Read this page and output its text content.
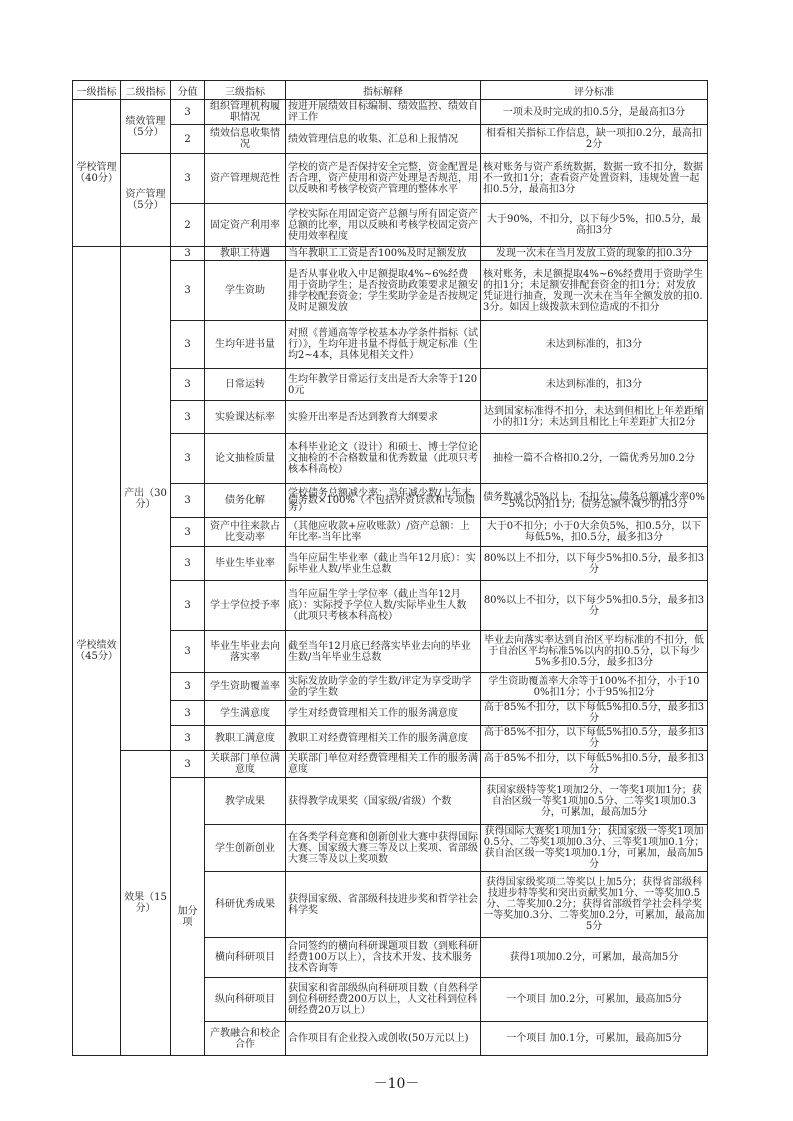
一级指标	二级指标	分值	三级指标	指标解释	评分标准
学校管理（40分）	绩效管理（5分）	3	组织管理机构履职情况	按进开展绩效目标编制、绩效监控、绩效自评工作	一项未及时完成的扣0.5分，是最高扣3分
		2	绩效信息收集情况	绩效管理信息的收集、汇总和上报情况	相看相关指标工作信息，缺一项扣0.2分，最高扣2分
	资产管理（5分）	3	资产管理规范性	学校的资产是否保持安全完整，资金配置是否合理，资产使用和资产处理是否规范，用以反映和考核学校资产管理的整体水平	核对账务与资产系统数据，数据一致不扣分，数据不一致扣1分；查看资产处置资料，违规处置一起扣0.5分，最高扣3分
		2	固定资产利用率	学校实际在用固定资产总额与所有固定资产总额的比率，用以反映和考核学校固定资产使用效率程度	大于90%，不扣分，以下每少5%，扣0.5分，最高扣3分
学校绩效（45分）	产出（30分）	3	教职工待遇	当年教职工工资是否100%及时足额发放	发现一次未在当月发放工资的现象的扣0.3分
		3	学生资助	是否从事业收入中足额提取4%~6%经费用于资助学生；是否按资助政策要求足额安排学校配套资金；学生奖助学金是否按规定及时足额发放	核对账务，未足额提取4%~6%经费用于资助学生的扣1分；未足额安排配套资金的扣1分；对发放凭证进行抽查，发现一次未在当年全额发放的扣0.3分。如因上级拨款未到位造成的不扣分
		3	生均年进书量	对照《普通高等学校基本办学条件指标（试行）》，生均年进书量不得低于规定标准（生均2~4本，具体见相关文件）	未达到标准的，扣3分
		3	日常运转	生均年教学日常运行支出是否大余等于1200元	未达到标准的，扣3分
		3	实验课达标率	实验开出率是否达到教育大纲要求	达到国家标准得不扣分，未达到但相比上年差距缩小的扣1分；未达到且相比上年差距扩大扣2分
		3	论文抽检质量	本科毕业论文（设计）和硕士、博士学位论文抽检的不合格数量和优秀数量（此项只考核本科高校）	抽检一篇不合格扣0.2分，一篇优秀另加0.2分
		3	债务化解	学校债务总额减少率：当年减少数/上年末债务数×100%（不包括外资贷款和专项债务）	债务数减少5%以上，不扣分；债务总额减少率0%~5%以内扣1分；债务总额不减少的扣3分
		3	资产中往来款占比变动率	（其他应收款+应收账款）/资产总额：上年比率-当年比率	大于0不扣分；小于0大余负5%，扣0.5分，以下每低5%，扣0.5分，最多扣3分
		3	毕业生毕业率	当年应届生毕业率（截止当年12月底）：实际毕业人数/毕业生总数	80%以上不扣分，以下每少5%扣0.5分，最多扣3分
		3	学士学位授予率	当年应届生学士学位率（截止当年12月底）：实际授予学位人数/实际毕业生人数（此项只考核本科高校）	80%以上不扣分，以下每少5%扣0.5分，最多扣3分
		3	毕业生毕业去向落实率	截至当年12月底已经落实毕业去向的毕业生数/当年毕业生总数	毕业去向落实率达到自治区平均标准的不扣分，低于自治区平均标准5%以内的扣0.5分，以下每少5%多扣0.5分，最多扣3分
		3	学生资助覆盖率	实际发放助学金的学生数/评定为享受助学金的学生数	学生资助覆盖率大余等于100%不扣分，小于100%扣1分；小于95%扣2分
		3	学生满意度	学生对经费管理相关工作的服务满意度	高于85%不扣分，以下每低5%扣0.5分，最多扣3分
		3	教职工满意度	教职工对经费管理相关工作的服务满意度	高于85%不扣分，以下每低5%扣0.5分，最多扣3分
	效果（15分）	3	关联部门单位满意度	关联部门单位对经费管理相关工作的服务满意度	高于85%不扣分，以下每低5%扣0.5分，最多扣3分
		加分项	教学成果	获得教学成果奖（国家级/省级）个数	获国家级特等奖1项加2分、一等奖1项加1分；获自治区级一等奖1项加0.5分、二等奖1项加0.3分，可累加，最高加5分
			学生创新创业	在各类学科竞赛和创新创业大赛中获得国际大赛、国家级大赛三等及以上奖项、省部级大赛三等及以上奖项数	获得国际大赛奖1项加1分；获国家级一等奖1项加0.5分、二等奖1项加0.3分、三等奖1项加0.1分；获自治区级一等奖1项加0.1分，可累加，最高加5分
			科研优秀成果	获得国家级、省部级科技进步奖和哲学社会科学奖	获得国家级奖项二等奖以上加5分；获得省部级科技进步特等奖和突出贡献奖加1分、一等奖加0.5分、二等奖加0.2分；获得省部级哲学社会科学奖一等奖加0.3分、二等奖加0.2分，可累加，最高加5分
			横向科研项目	合同签约的横向科研课题项目数（到账科研经费100万以上），含技术开发、技术服务技术咨询等	获得1项加0.2分，可累加，最高加5分
			纵向科研项目	获国家和省部级纵向科研项目数（自然科学到位科研经费200万以上，人文社科到位科研经费20万以上）	一个项目 加0.2分，可累加，最高加5分
			产教融合和校企合作	合作项目有企业投入或创收(50万元以上)	一个项目 加0.1分，可累加，最高加5分
－10－
